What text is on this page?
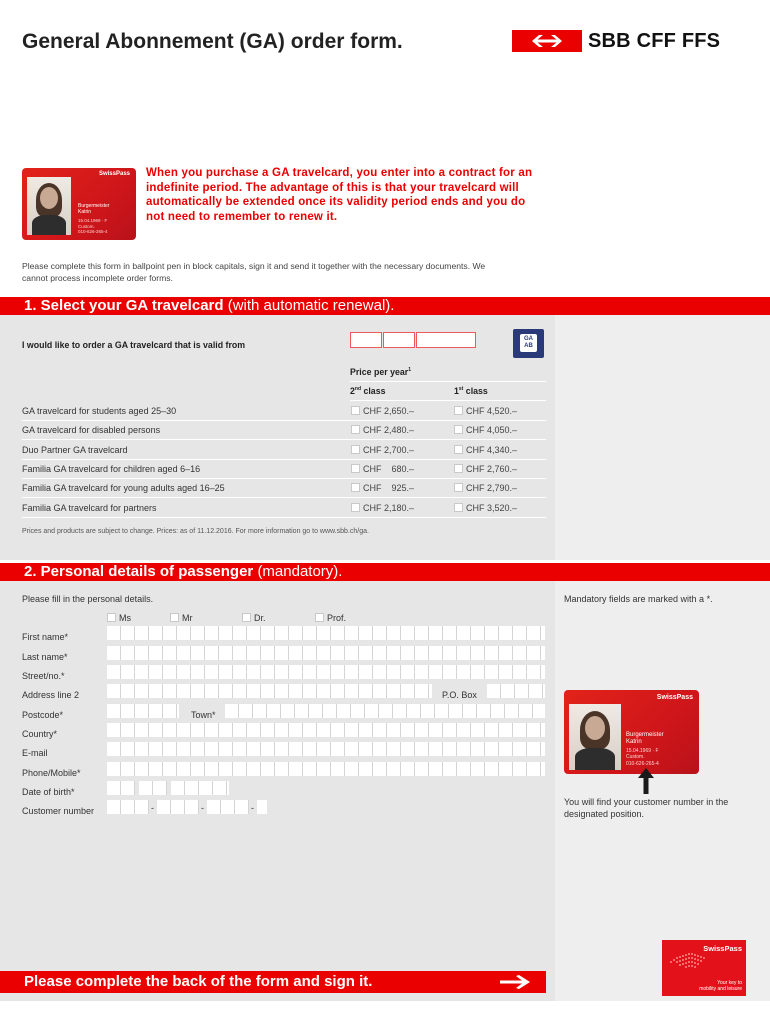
General Abonnement (GA) order form.	SBB CFF FFS
SwissPass
Burgermeister
Katrin
15.04.1969 · F
Custom.
010-626-265-4
When you purchase a GA travelcard, you enter into a contract for an indefinite period. The advantage of this is that your travelcard will automatically be extended once its validity period ends and you do not need to remember to renew it.
Please complete this form in ballpoint pen in block capitals, sign it and send it together with the necessary documents. We cannot process incomplete order forms.
1. Select your GA travelcard (with automatic renewal).
I would like to order a GA travelcard that is valid from
GA
AB
Price per year$^1$
2nd class	1st class
GA travelcard for students aged 25–30	CHF 2,650.–	CHF 4,520.–
GA travelcard for disabled persons	CHF 2,480.–	CHF 4,050.–
Duo Partner GA travelcard	CHF 2,700.–	CHF 4,340.–
Familia GA travelcard for children aged 6–16	CHF    680.–	CHF 2,760.–
Familia GA travelcard for young adults aged 16–25	CHF    925.–	CHF 2,790.–
Familia GA travelcard for partners	CHF 2,180.–	CHF 3,520.–
Prices and products are subject to change. Prices: as of 11.12.2016. For more information go to www.sbb.ch/ga.
2. Personal details of passenger (mandatory).
Please fill in the personal details.	Mandatory fields are marked with a *.
Ms	Mr	Dr.	Prof.
First name*
Last name*
Street/no.*
Address line 2	P.O. Box
Postcode*	Town*
Country*
E-mail
Phone/Mobile*
Date of birth*
Customer number	-	-	-
SwissPass
Burgermeister
Katrin
15.04.1969 · F
Custom.
010-626-265-4
You will find your customer number in the designated position.
SwissPass
Your key to
mobility and leisure
Please complete the back of the form and sign it.
